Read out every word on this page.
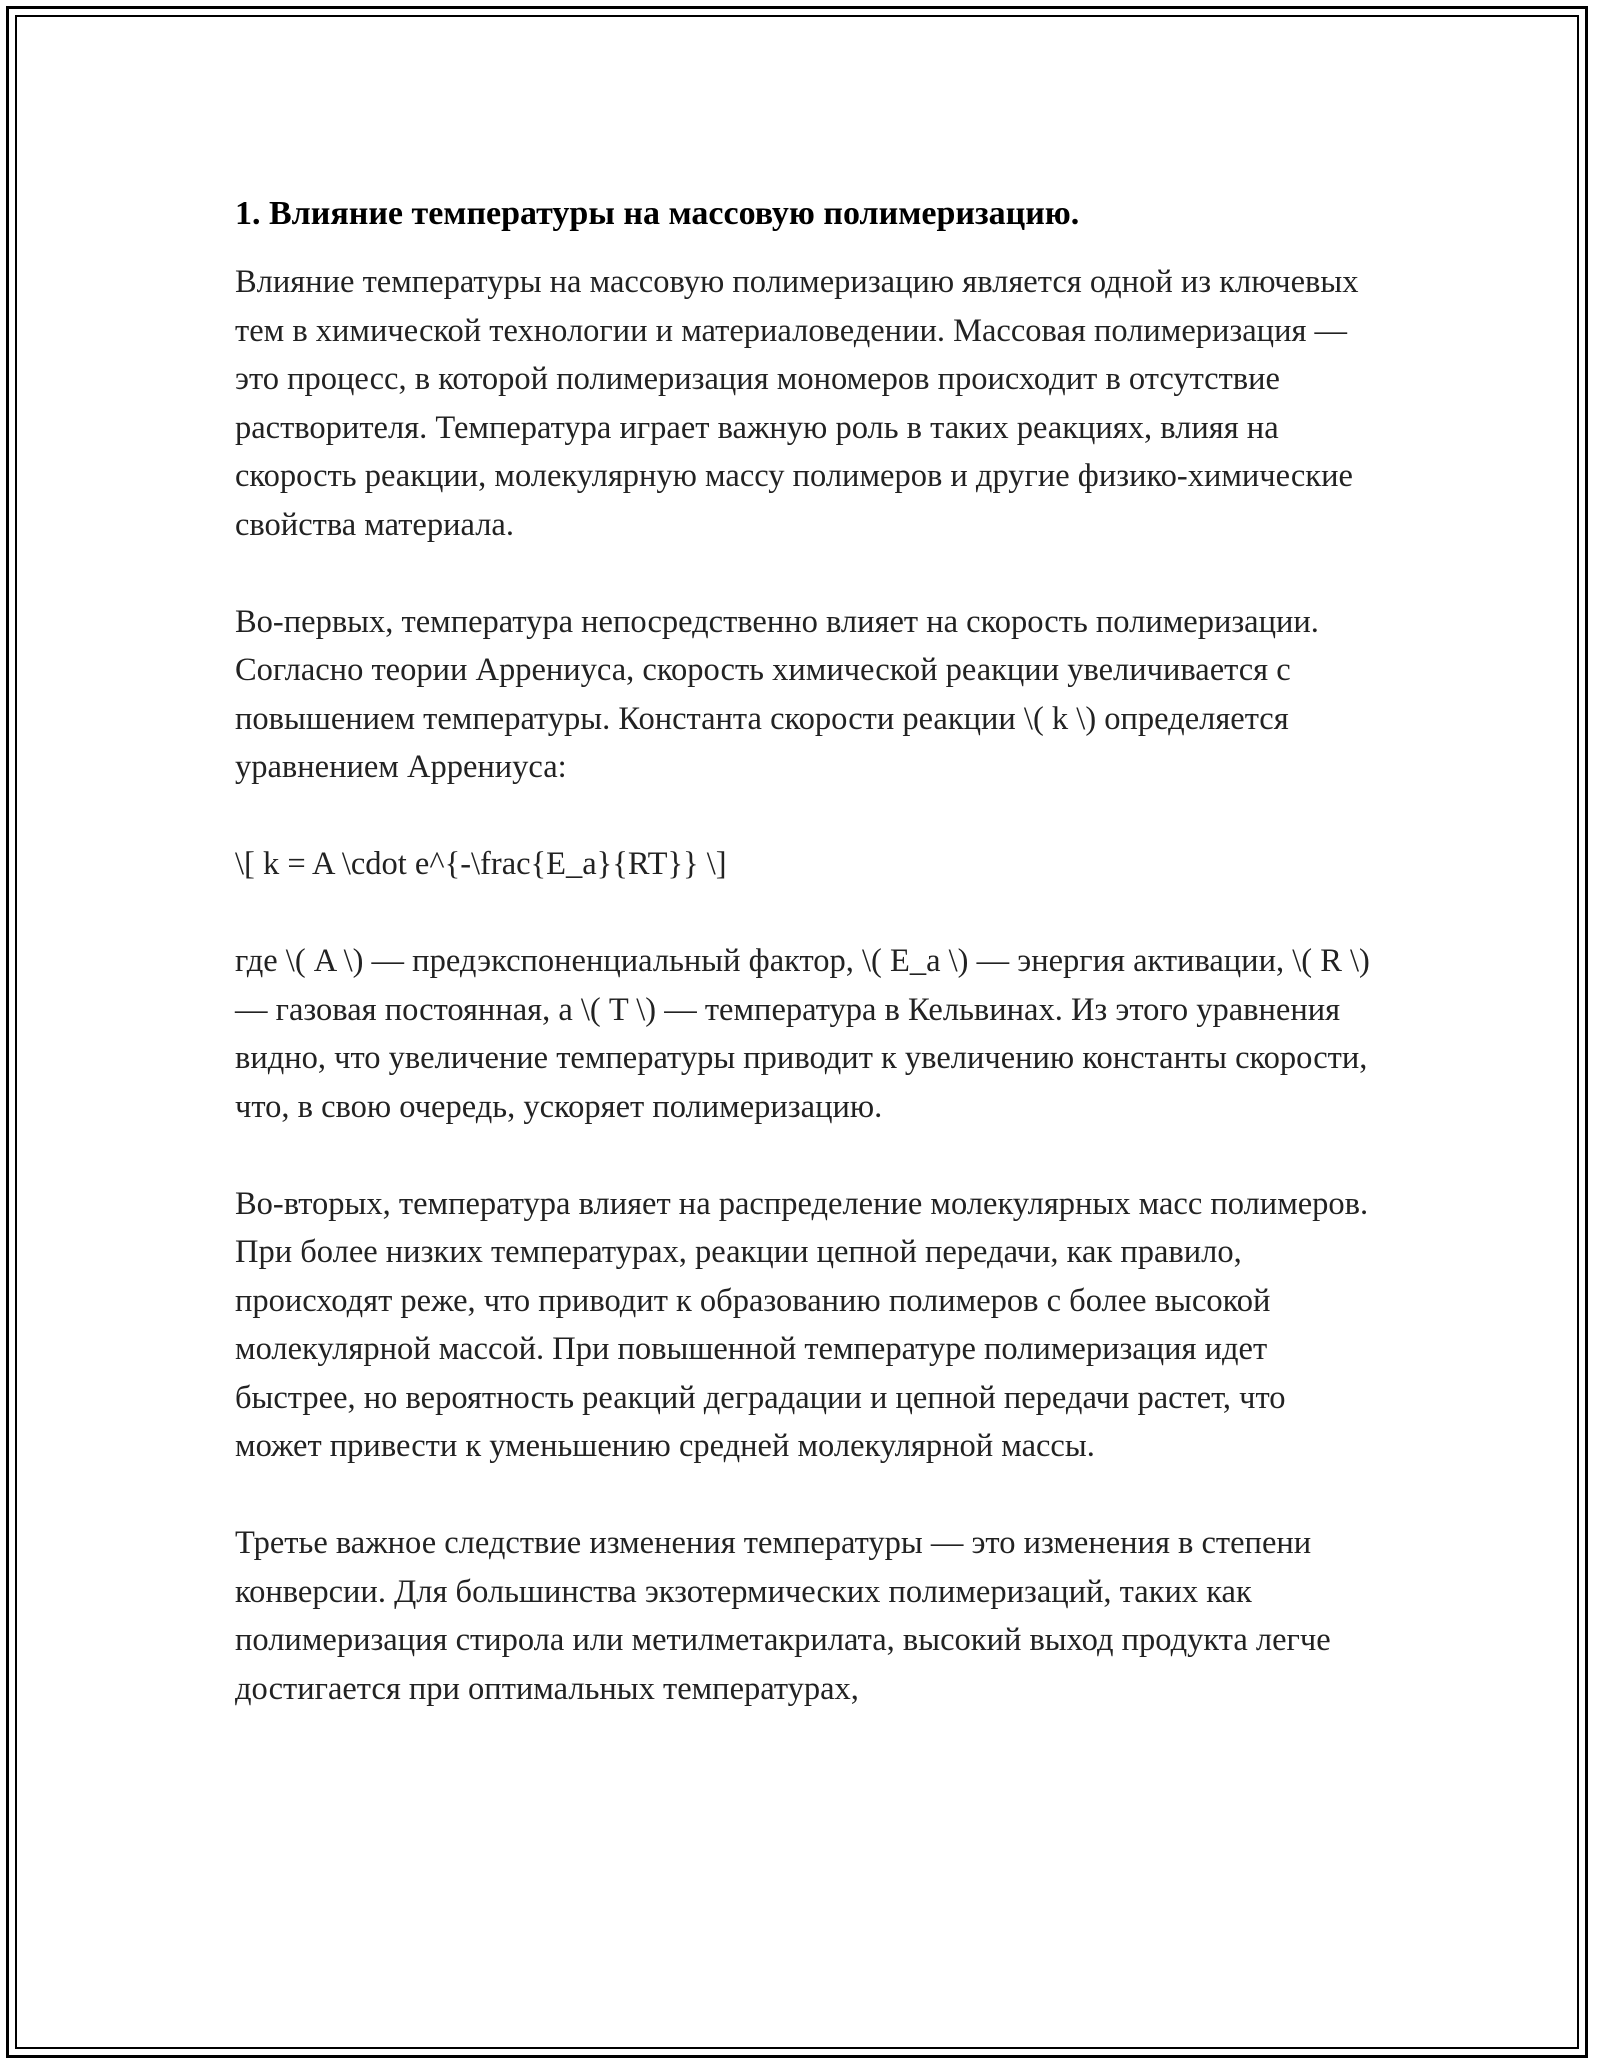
1. Влияние температуры на массовую полимеризацию.

Влияние температуры на массовую полимеризацию является одной из ключевых тем в химической технологии и материаловедении. Массовая полимеризация — это процесс, в которой полимеризация мономеров происходит в отсутствие растворителя. Температура играет важную роль в таких реакциях, влияя на скорость реакции, молекулярную массу полимеров и другие физико-химические свойства материала.

Во-первых, температура непосредственно влияет на скорость полимеризации. Согласно теории Аррениуса, скорость химической реакции увеличивается с повышением температуры. Константа скорости реакции \( k \) определяется уравнением Аррениуса:

\[ k = A \cdot e^{-\frac{E_a}{RT}} \]

где \( A \) — предэкспоненциальный фактор, \( E_a \) — энергия активации, \( R \) — газовая постоянная, а \( T \) — температура в Кельвинах. Из этого уравнения видно, что увеличение температуры приводит к увеличению константы скорости, что, в свою очередь, ускоряет полимеризацию.

Во-вторых, температура влияет на распределение молекулярных масс полимеров. При более низких температурах, реакции цепной передачи, как правило, происходят реже, что приводит к образованию полимеров с более высокой молекулярной массой. При повышенной температуре полимеризация идет быстрее, но вероятность реакций деградации и цепной передачи растет, что может привести к уменьшению средней молекулярной массы.

Третье важное следствие изменения температуры — это изменения в степени конверсии. Для большинства экзотермических полимеризаций, таких как полимеризация стирола или метилметакрилата, высокий выход продукта легче достигается при оптимальных температурах,
